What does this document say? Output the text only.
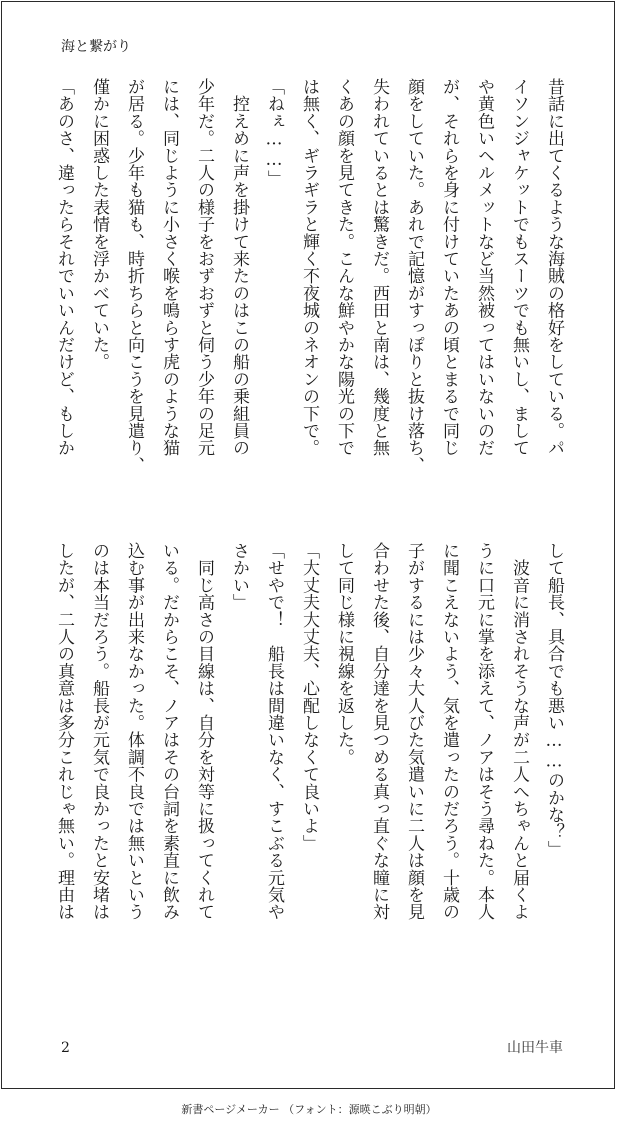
海と繋がり
昔話に出てくるような海賊の格好をしている。パ
イソンジャケットでもスーツでも無いし、まして
や黄色いヘルメットなど当然被ってはいないのだ
が、それらを身に付けていたあの頃とまるで同じ
顔をしていた。あれで記憶がすっぽりと抜け落ち、
失われているとは驚きだ。西田と南は、幾度と無
くあの顔を見てきた。こんな鮮やかな陽光の下で
は無く、ギラギラと輝く不夜城のネオンの下で。
「ねぇ……」
　控えめに声を掛けて来たのはこの船の乗組員の
少年だ。二人の様子をおずおずと伺う少年の足元
には、同じように小さく喉を鳴らす虎のような猫
が居る。少年も猫も、時折ちらと向こうを見遣り、
僅かに困惑した表情を浮かべていた。
「あのさ、違ったらそれでいいんだけど、もしか
して船長、具合でも悪い……のかな？」
　波音に消されそうな声が二人へちゃんと届くよ
うに口元に掌を添えて、ノアはそう尋ねた。本人
に聞こえないよう、気を遣ったのだろう。十歳の
子がするには少々大人びた気遣いに二人は顔を見
合わせた後、自分達を見つめる真っ直ぐな瞳に対
して同じ様に視線を返した。
「大丈夫大丈夫、心配しなくて良いよ」
「せやで！　船長は間違いなく、すこぶる元気や
さかい」
　同じ高さの目線は、自分を対等に扱ってくれて
いる。だからこそ、ノアはその台詞を素直に飲み
込む事が出来なかった。体調不良では無いという
のは本当だろう。船長が元気で良かったと安堵は
したが、二人の真意は多分これじゃ無い。理由は
2	山田牛車
新書ページメーカー （フォント：源暎こぶり明朝）
